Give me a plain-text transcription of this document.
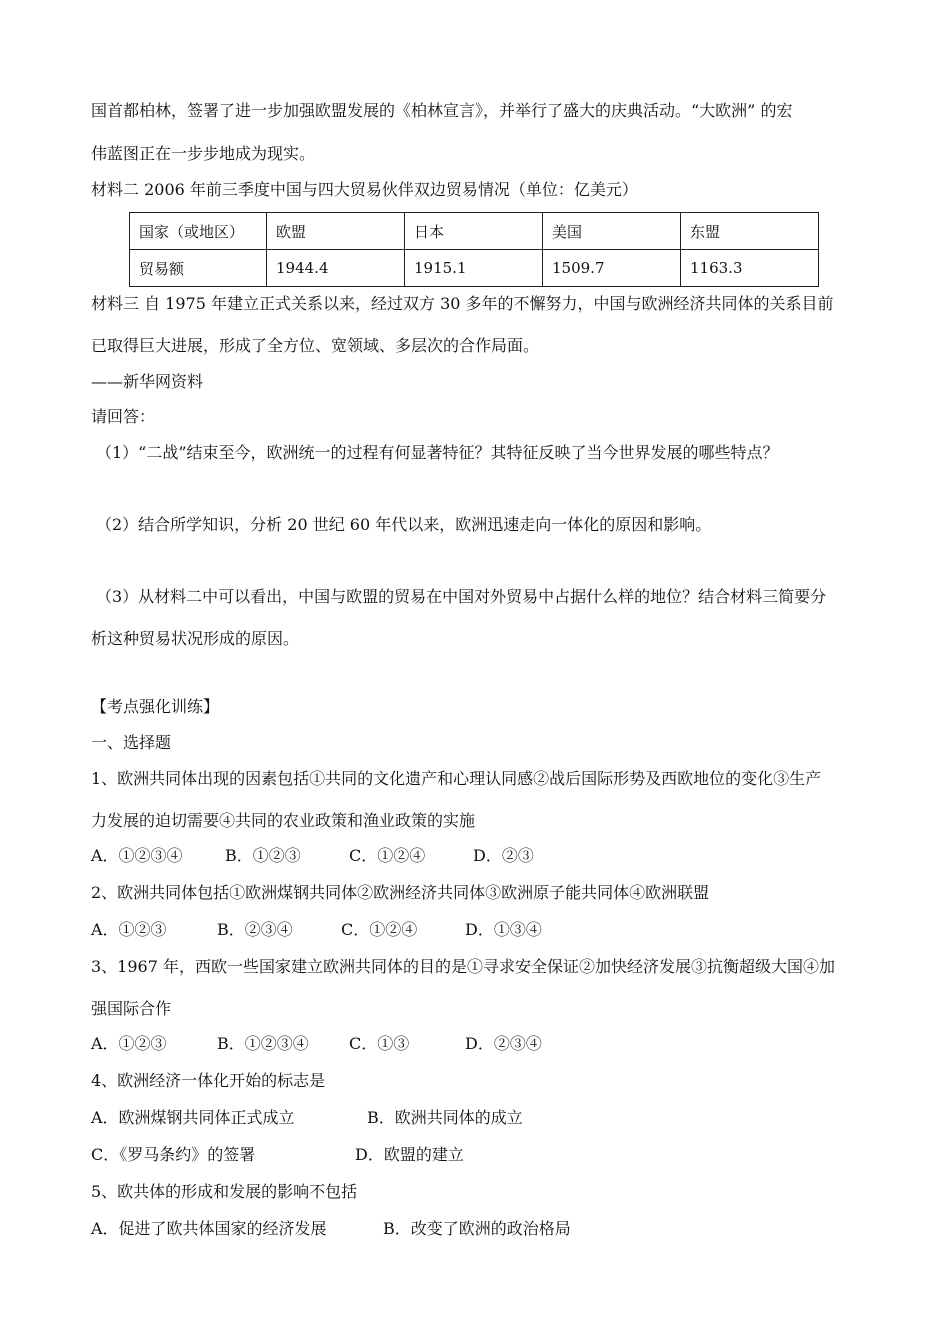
国首都柏林，签署了进一步加强欧盟发展的《柏林宣言》，并举行了盛大的庆典活动。“大欧洲” 的宏
伟蓝图正在一步步地成为现实。
材料二 2006 年前三季度中国与四大贸易伙伴双边贸易情况（单位：亿美元）
国家（或地区）	欧盟	日本	美国	东盟
贸易额	1944.4	1915.1	1509.7	1163.3
材料三 自 1975 年建立正式关系以来，经过双方 30 多年的不懈努力，中国与欧洲经济共同体的关系目前
已取得巨大进展，形成了全方位、宽领域、多层次的合作局面。
——新华网资料
请回答：
（1）“二战”结束至今，欧洲统一的过程有何显著特征？其特征反映了当今世界发展的哪些特点？
（2）结合所学知识，分析 20 世纪 60 年代以来，欧洲迅速走向一体化的原因和影响。
（3）从材料二中可以看出，中国与欧盟的贸易在中国对外贸易中占据什么样的地位？结合材料三简要分
析这种贸易状况形成的原因。
【考点强化训练】
一、选择题
1、欧洲共同体出现的因素包括①共同的文化遗产和心理认同感②战后国际形势及西欧地位的变化③生产
力发展的迫切需要④共同的农业政策和渔业政策的实施
A．①②③④	B．①②③	C．①②④	D．②③
2、欧洲共同体包括①欧洲煤钢共同体②欧洲经济共同体③欧洲原子能共同体④欧洲联盟
A．①②③	B．②③④	C．①②④	D．①③④
3、1967 年，西欧一些国家建立欧洲共同体的目的是①寻求安全保证②加快经济发展③抗衡超级大国④加
强国际合作
A．①②③	B．①②③④	C．①③	D．②③④
4、欧洲经济一体化开始的标志是
A．欧洲煤钢共同体正式成立	B．欧洲共同体的成立
C．《罗马条约》的签署	D．欧盟的建立
5、欧共体的形成和发展的影响不包括
A．促进了欧共体国家的经济发展	B．改变了欧洲的政治格局
